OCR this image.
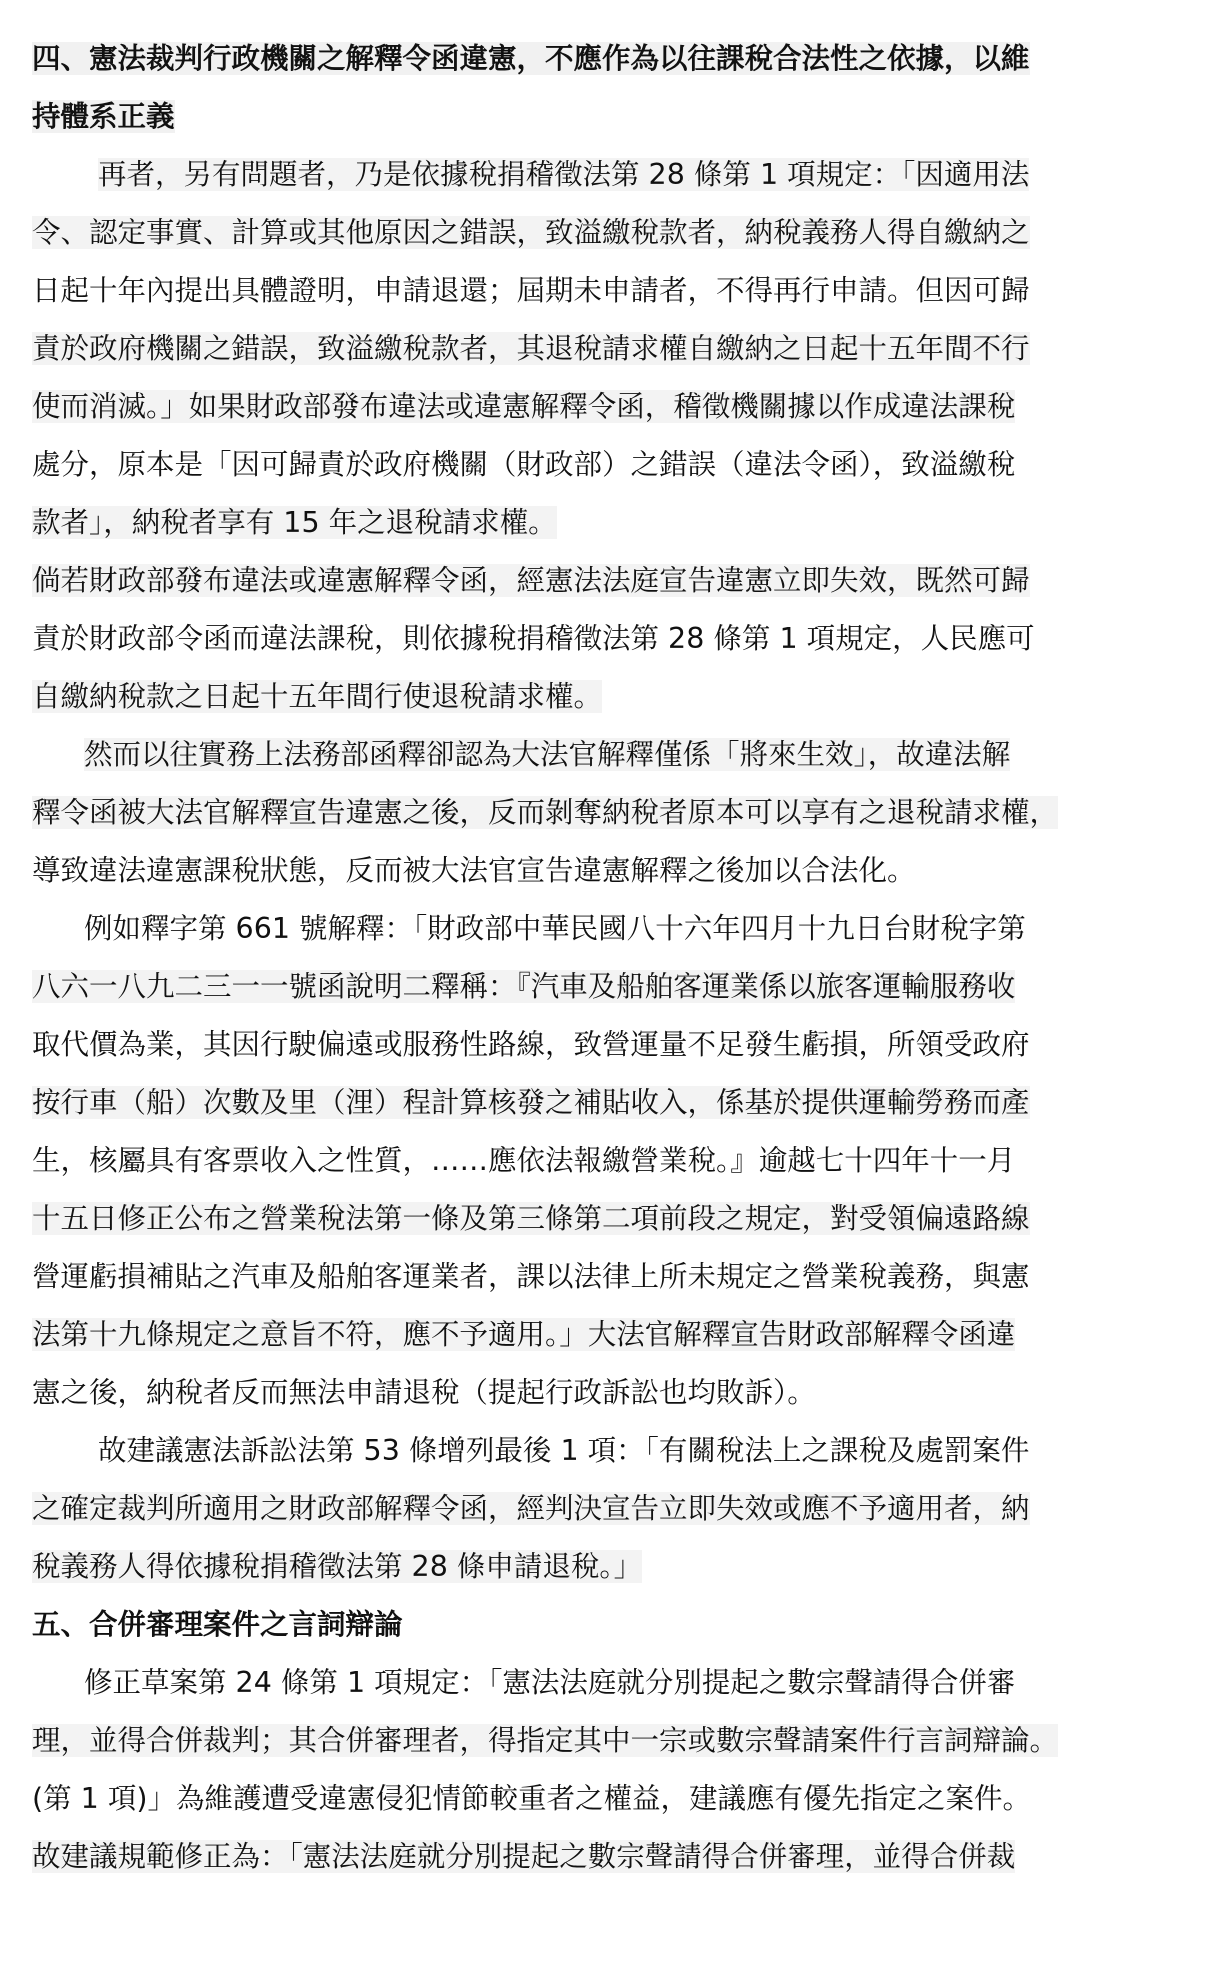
四、憲法裁判行政機關之解釋令函違憲，不應作為以往課稅合法性之依據，以維
持體系正義
再者，另有問題者，乃是依據稅捐稽徵法第 28 條第 1 項規定：「因適用法
令、認定事實、計算或其他原因之錯誤，致溢繳稅款者，納稅義務人得自繳納之
日起十年內提出具體證明，申請退還；屆期未申請者，不得再行申請。但因可歸
責於政府機關之錯誤，致溢繳稅款者，其退稅請求權自繳納之日起十五年間不行
使而消滅。」如果財政部發布違法或違憲解釋令函，稽徵機關據以作成違法課稅
處分，原本是「因可歸責於政府機關（財政部）之錯誤（違法令函），致溢繳稅
款者」，納稅者享有 15 年之退稅請求權。
倘若財政部發布違法或違憲解釋令函，經憲法法庭宣告違憲立即失效，既然可歸
責於財政部令函而違法課稅，則依據稅捐稽徵法第 28 條第 1 項規定，人民應可
自繳納稅款之日起十五年間行使退稅請求權。
然而以往實務上法務部函釋卻認為大法官解釋僅係「將來生效」，故違法解
釋令函被大法官解釋宣告違憲之後，反而剝奪納稅者原本可以享有之退稅請求權，
導致違法違憲課稅狀態，反而被大法官宣告違憲解釋之後加以合法化。
例如釋字第 661 號解釋：「財政部中華民國八十六年四月十九日台財稅字第
八六一八九二三一一號函說明二釋稱：『汽車及船舶客運業係以旅客運輸服務收
取代價為業，其因行駛偏遠或服務性路線，致營運量不足發生虧損，所領受政府
按行車（船）次數及里（浬）程計算核發之補貼收入，係基於提供運輸勞務而產
生，核屬具有客票收入之性質，……應依法報繳營業稅。』逾越七十四年十一月
十五日修正公布之營業稅法第一條及第三條第二項前段之規定，對受領偏遠路線
營運虧損補貼之汽車及船舶客運業者，課以法律上所未規定之營業稅義務，與憲
法第十九條規定之意旨不符，應不予適用。」大法官解釋宣告財政部解釋令函違
憲之後，納稅者反而無法申請退稅（提起行政訴訟也均敗訴）。
故建議憲法訴訟法第 53 條增列最後 1 項：「有關稅法上之課稅及處罰案件
之確定裁判所適用之財政部解釋令函，經判決宣告立即失效或應不予適用者，納
稅義務人得依據稅捐稽徵法第 28 條申請退稅。」
五、合併審理案件之言詞辯論
修正草案第 24 條第 1 項規定：「憲法法庭就分別提起之數宗聲請得合併審
理，並得合併裁判；其合併審理者，得指定其中一宗或數宗聲請案件行言詞辯論。
(第 1 項)」為維護遭受違憲侵犯情節較重者之權益，建議應有優先指定之案件。
故建議規範修正為：「憲法法庭就分別提起之數宗聲請得合併審理，並得合併裁
